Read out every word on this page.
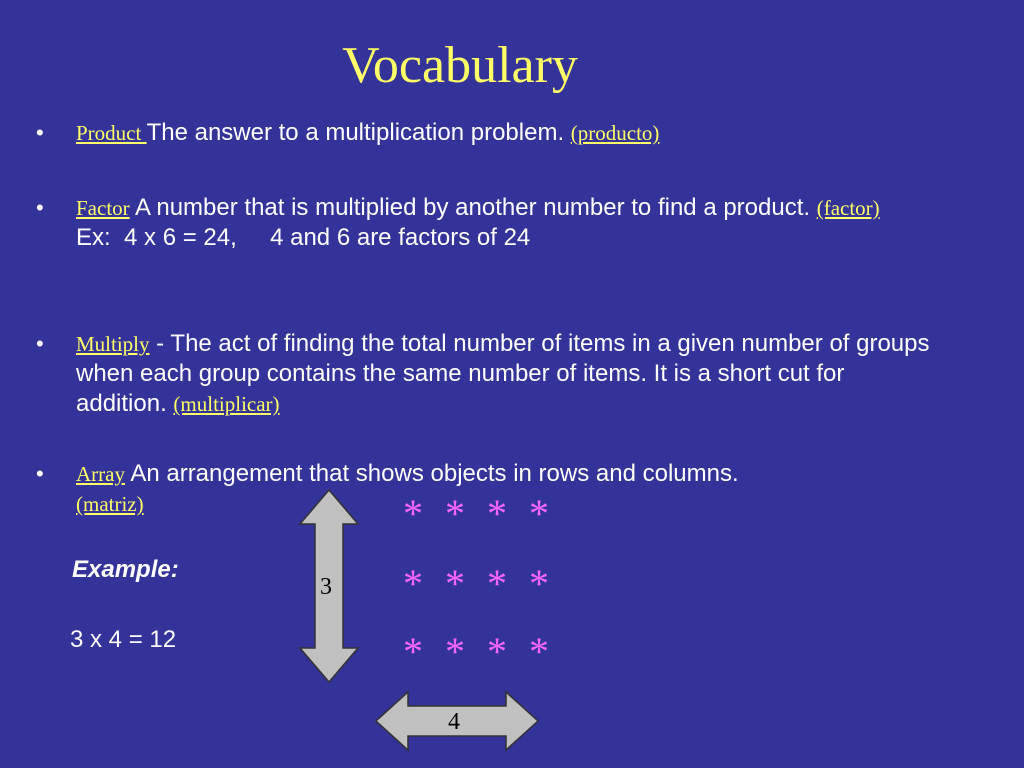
Vocabulary
• Product The answer to a multiplication problem. (producto)
• Factor A number that is multiplied by another number to find a product. (factor)
Ex:  4 x 6 = 24,     4 and 6 are factors of 24
• Multiply - The act of finding the total number of items in a given number of groups when each group contains the same number of items. It is a short cut for addition. (multiplicar)
• Array An arrangement that shows objects in rows and columns.
(matriz)
Example:
3 x 4 = 12
3
4
* * * *
* * * *
* * * *
